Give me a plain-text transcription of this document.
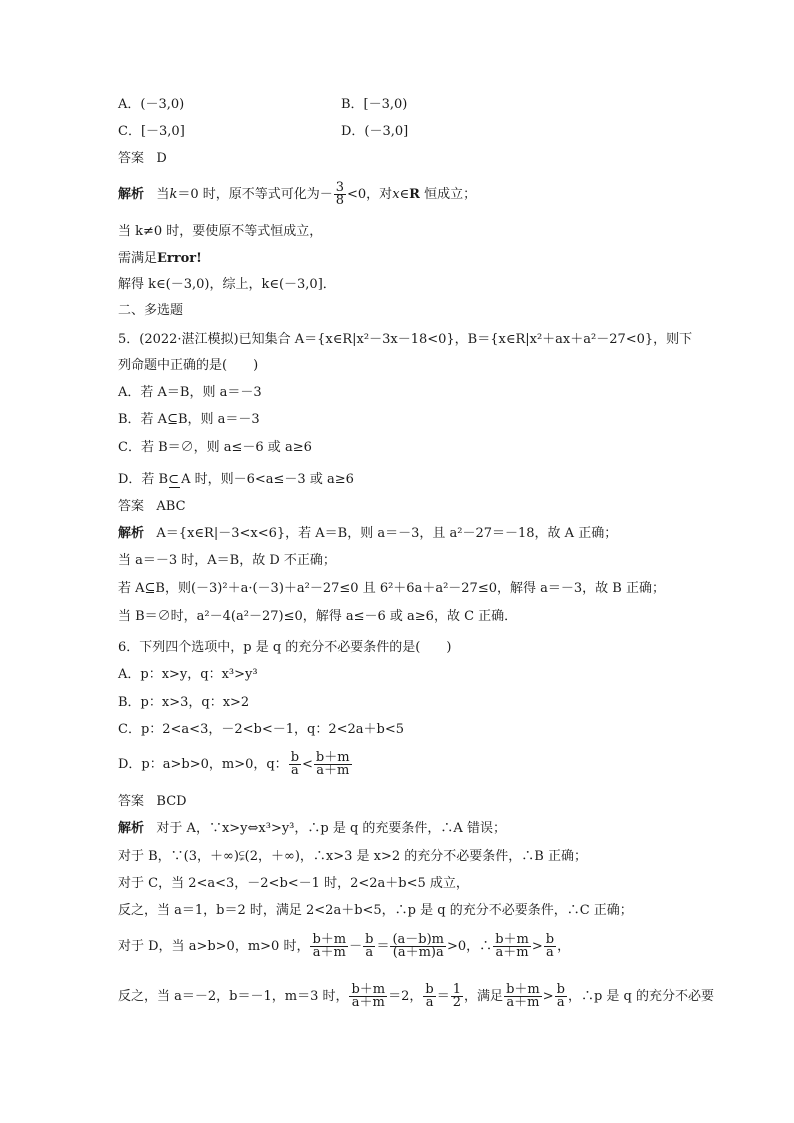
A．(－3,0)	B．[－3,0)
C．[－3,0]	D．(－3,0]
答案 D
解析 当k＝0 时，原不等式可化为－ $\frac{3}{8} <0$，对x∈R 恒成立；
当 k≠0 时，要使原不等式恒成立，
需满足Error!
解得 k∈(－3,0)，综上，k∈(－3,0]．
二、多选题
5．(2022·湛江模拟)已知集合 A＝{x∈R|x²－3x－18<0}，B＝{x∈R|x²＋ax＋a²－27<0}，则下
列命题中正确的是(　　)
A．若 A＝B，则 a＝－3
B．若 A⊆B，则 a＝－3
C．若 B＝∅，则 a≤－6 或 a≥6
D．若 B⊂ A 时，则－6<a≤－3 或 a≥6
答案 ABC
解析 A＝{x∈R|－3<x<6}，若 A＝B，则 a＝－3，且 a²－27＝－18，故 A 正确；
当 a＝－3 时，A＝B，故 D 不正确；
若 A⊆B，则(－3)²＋a·(－3)＋a²－27≤0 且 6²＋6a＋a²－27≤0，解得 a＝－3，故 B 正确；
当 B＝∅时，a²－4(a²－27)≤0，解得 a≤－6 或 a≥6，故 C 正确．
6．下列四个选项中，p 是 q 的充分不必要条件的是(　　)
A．p：x>y，q：x³>y³
B．p：x>3，q：x>2
C．p：2<a<3，－2<b<－1，q：2<2a＋b<5
D．p：a>b>0，m>0，q： $\frac{b}{a} < \frac{b+m}{a+m}$
答案 BCD
解析 对于 A，∵x>y⇔x³>y³，∴p 是 q 的充要条件，∴A 错误；
对于 B，∵(3，＋∞)⫋(2，＋∞)，∴x>3 是 x>2 的充分不必要条件，∴B 正确；
对于 C，当 2<a<3，－2<b<－1 时，2<2a＋b<5 成立，
反之，当 a＝1，b＝2 时，满足 2<2a＋b<5，∴p 是 q 的充分不必要条件，∴C 正确；
对于 D，当 a>b>0，m>0 时， $\frac{b+m}{a+m} - \frac{b}{a} = \frac{(a-b)m}{(a+m)a} >0$，∴ $\frac{b+m}{a+m} > \frac{b}{a}$ ，
反之，当 a＝－2，b＝－1，m＝3 时， $\frac{b+m}{a+m} =2$， $\frac{b}{a} = \frac{1}{2}$ ，满足 $\frac{b+m}{a+m} > \frac{b}{a}$ ，∴p 是 q 的充分不必要
